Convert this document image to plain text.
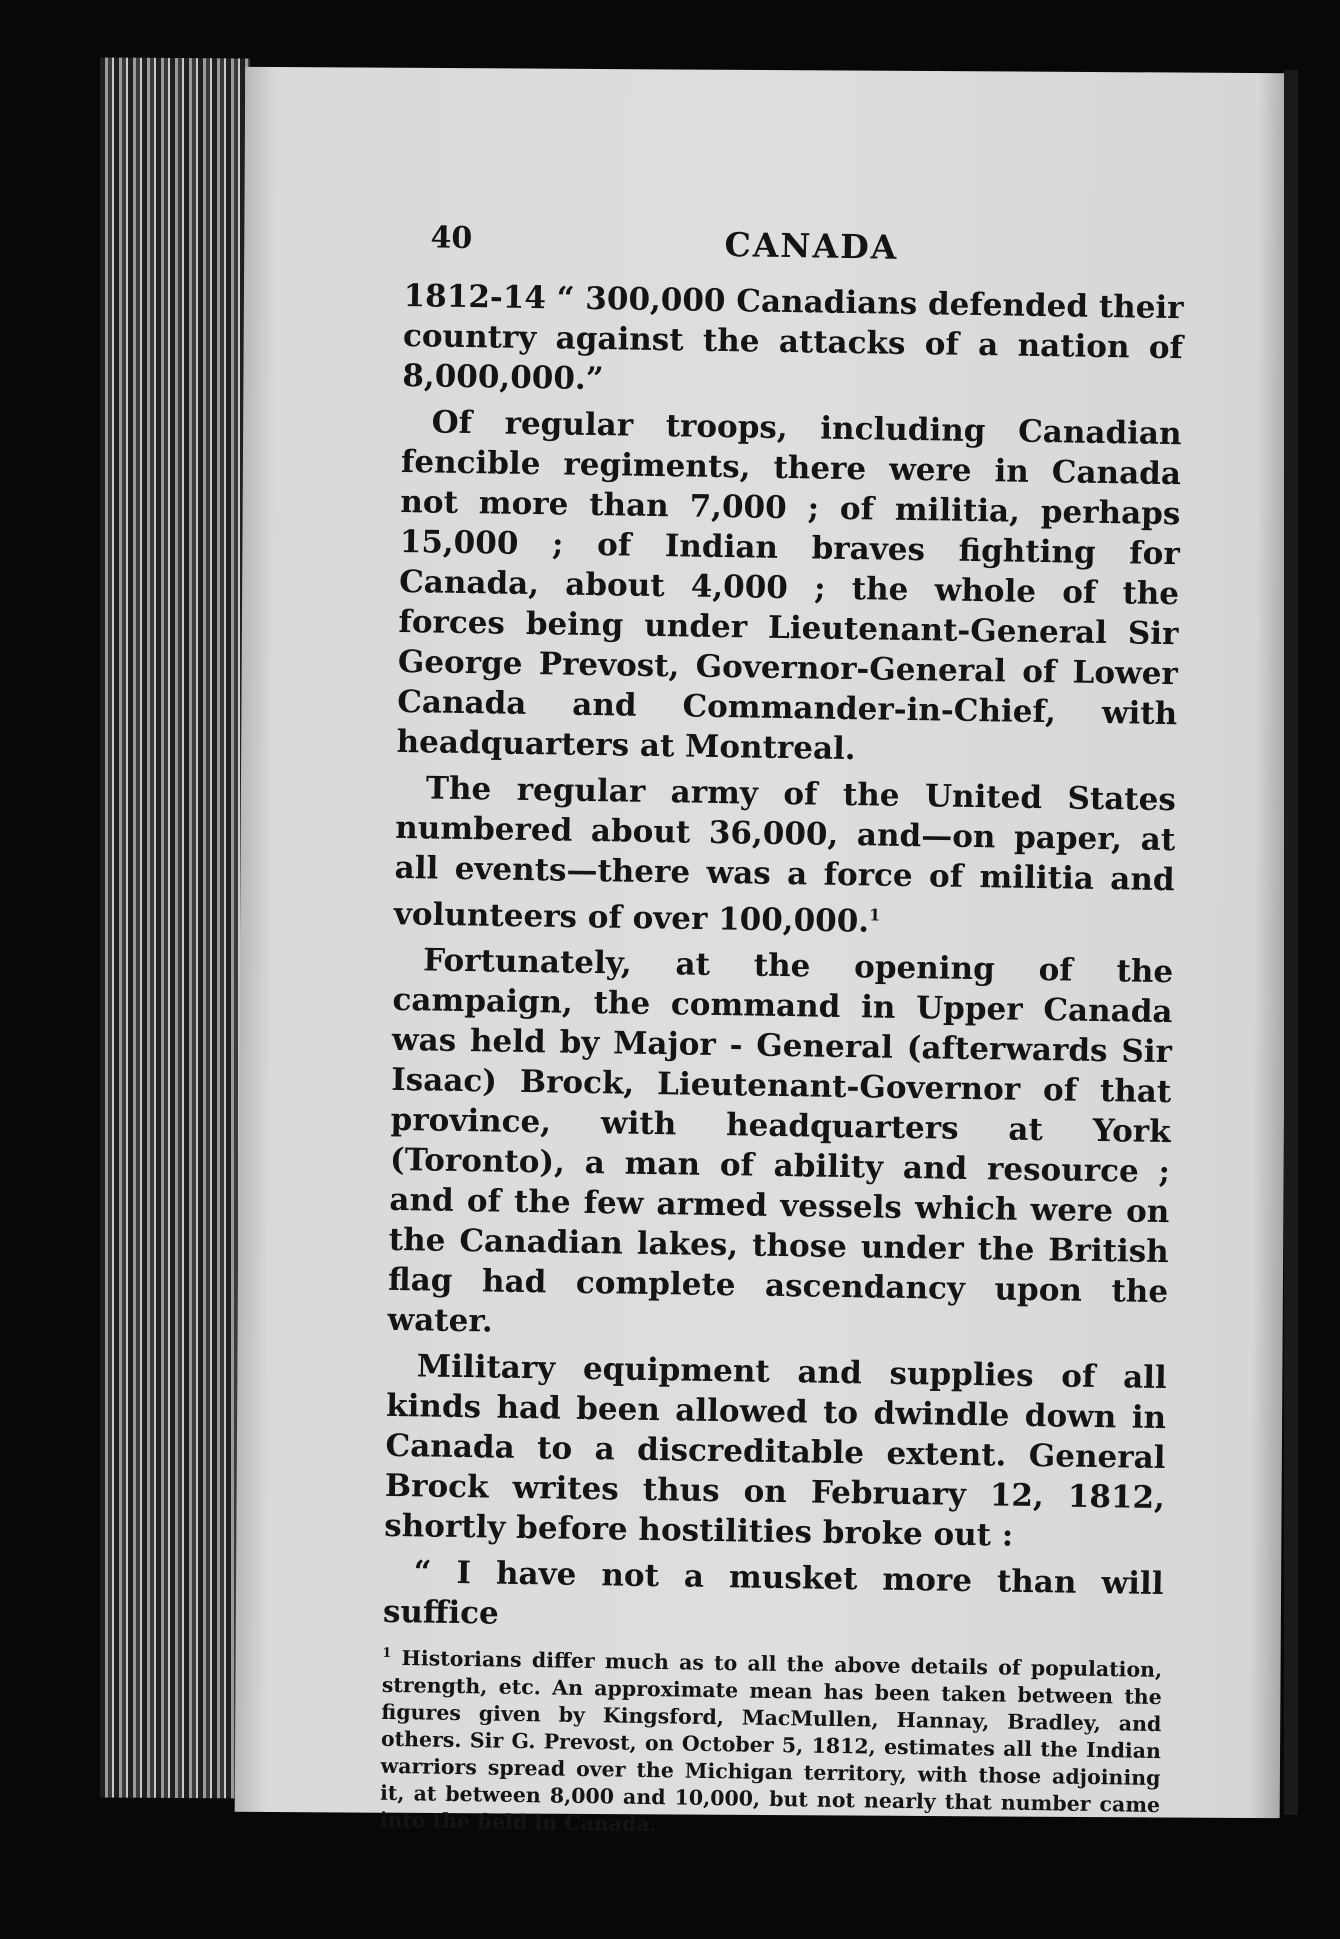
40	CANADA

1812-14 “ 300,000 Canadians defended their country against the attacks of a nation of 8,000,000.”

Of regular troops, including Canadian fencible regiments, there were in Canada not more than 7,000 ; of militia, perhaps 15,000 ; of Indian braves fighting for Canada, about 4,000 ; the whole of the forces being under Lieutenant-General Sir George Prevost, Governor-General of Lower Canada and Commander-in-Chief, with headquarters at Montreal.

The regular army of the United States numbered about 36,000, and—on paper, at all events—there was a force of militia and volunteers of over 100,000.$^1$

Fortunately, at the opening of the campaign, the command in Upper Canada was held by Major - General (afterwards Sir Isaac) Brock, Lieutenant-Governor of that province, with headquarters at York (Toronto), a man of ability and resource ; and of the few armed vessels which were on the Canadian lakes, those under the British flag had complete ascendancy upon the water.

Military equipment and supplies of all kinds had been allowed to dwindle down in Canada to a discreditable extent. General Brock writes thus on February 12, 1812, shortly before hostilities broke out :

“ I have not a musket more than will suffice

$^1$ Historians differ much as to all the above details of population, strength, etc. An approximate mean has been taken between the figures given by Kingsford, MacMullen, Hannay, Bradley, and others. Sir G. Prevost, on October 5, 1812, estimates all the Indian warriors spread over the Michigan territory, with those adjoining it, at between 8,000 and 10,000, but not nearly that number came into the field in Canada.
